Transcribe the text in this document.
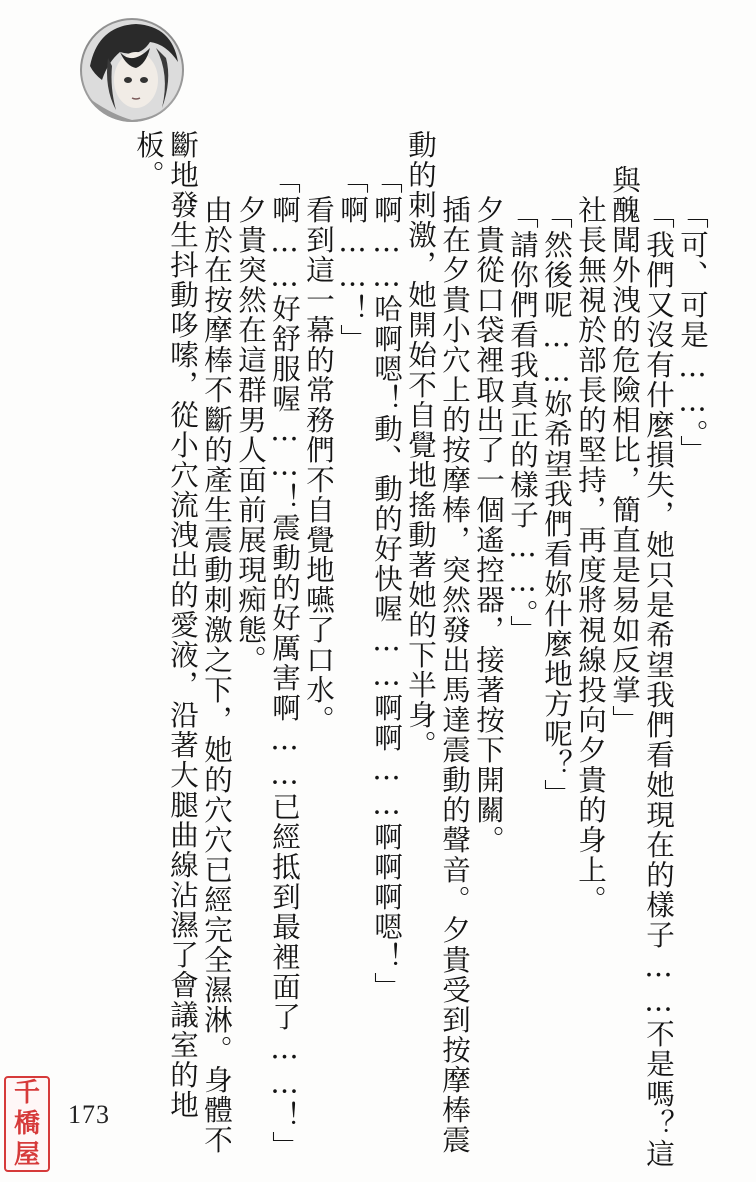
「可、可是……。」
「我們又沒有什麼損失，她只是希望我們看她現在的樣子……不是嗎？這
與醜聞外洩的危險相比，簡直是易如反掌」
　社長無視於部長的堅持，再度將視線投向夕貴的身上。
「然後呢……妳希望我們看妳什麼地方呢？」
「請你們看我真正的樣子……。」
　夕貴從口袋裡取出了一個遙控器，接著按下開關。
　插在夕貴小穴上的按摩棒，突然發出馬達震動的聲音。夕貴受到按摩棒震
動的刺激，她開始不自覺地搖動著她的下半身。
「啊……哈啊嗯！動、動的好快喔……啊啊……啊啊啊嗯！」
「啊……！」
　看到這一幕的常務們不自覺地嚥了口水。
「啊……好舒服喔……！震動的好厲害啊……已經抵到最裡面了……！」
　夕貴突然在這群男人面前展現痴態。
　由於在按摩棒不斷的產生震動刺激之下，她的穴穴已經完全濕淋。身體不
斷地發生抖動哆嗦，從小穴流洩出的愛液，沿著大腿曲線沾濕了會議室的地
板。
173
千
橋
屋
